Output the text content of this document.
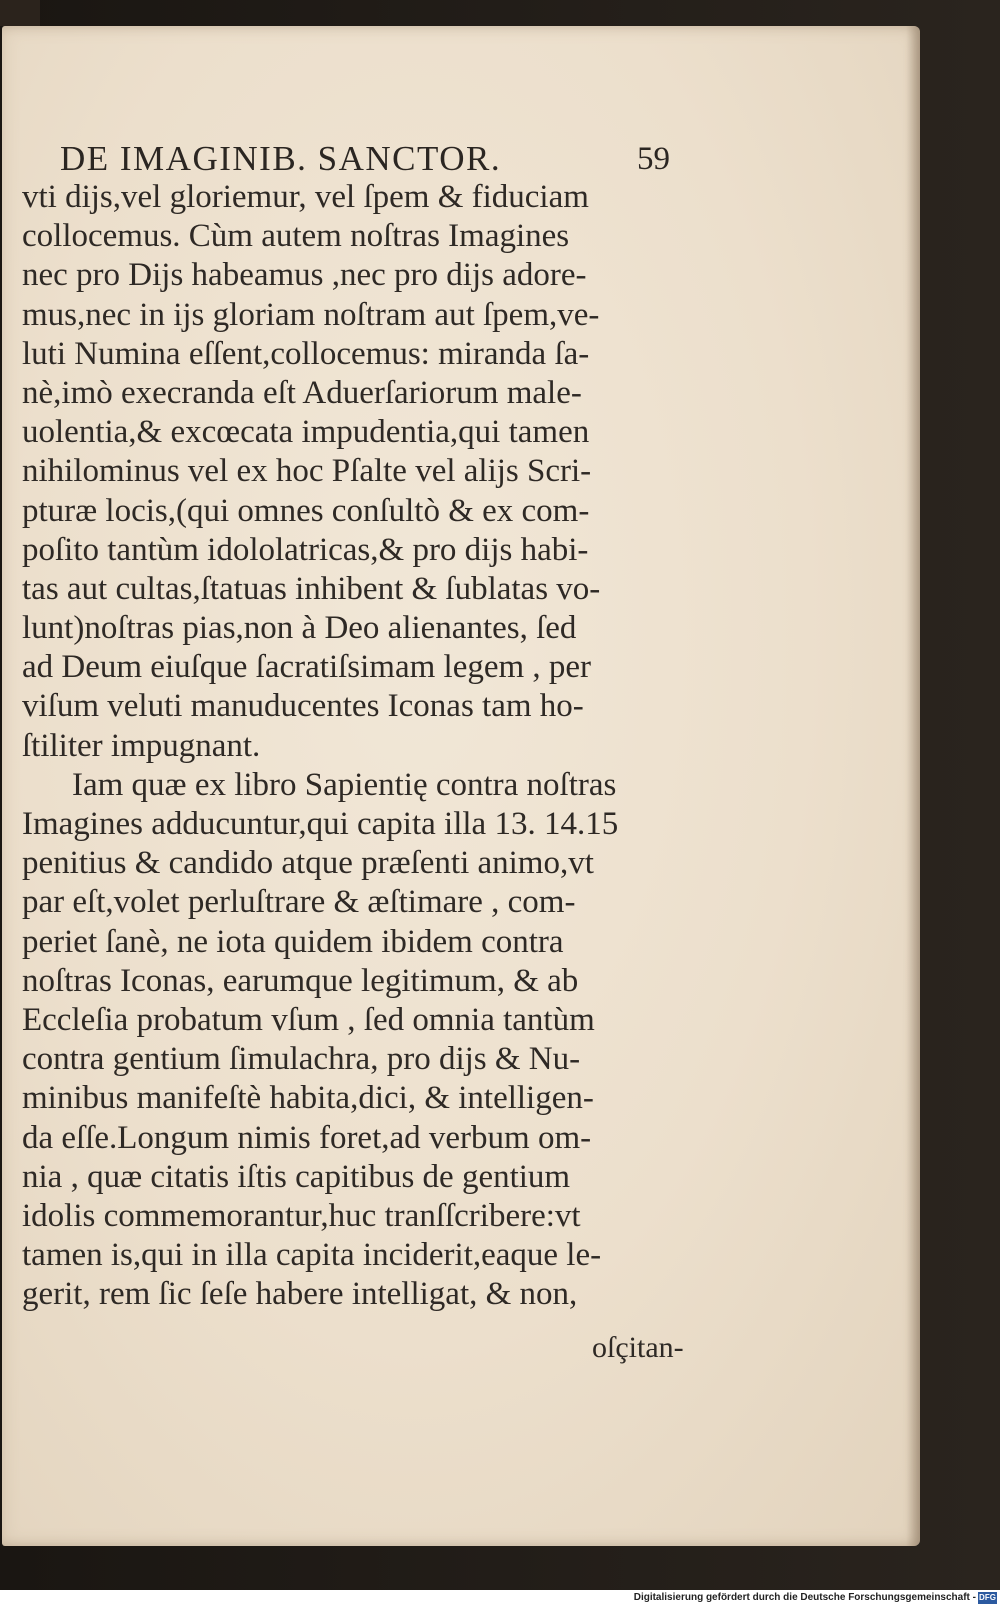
DE IMAGINIB. SANCTOR.	59
vti dijs,vel gloriemur, vel ſpem & fiduciam
collocemus. Cùm autem noſtras Imagines
nec pro Dijs habeamus ,nec pro dijs adore-
mus,nec in ijs gloriam noſtram aut ſpem,ve-
luti Numina eſſent,collocemus: miranda ſa-
nè,imò execranda eſt Aduerſariorum male-
uolentia,& excœcata impudentia,qui tamen
nihilominus vel ex hoc Pſalte vel alijs Scri-
pturæ locis,(qui omnes conſultò & ex com-
poſito tantùm idololatricas,& pro dijs habi-
tas aut cultas,ſtatuas inhibent & ſublatas vo-
lunt)noſtras pias,non à Deo alienantes, ſed
ad Deum eiuſque ſacratiſsimam legem , per
viſum veluti manuducentes Iconas tam ho-
ſtiliter impugnant.
Iam quæ ex libro Sapientię contra noſtras
Imagines adducuntur,qui capita illa 13. 14.15
penitius & candido atque præſenti animo,vt
par eſt,volet perluſtrare & æſtimare , com-
periet ſanè, ne iota quidem ibidem contra
noſtras Iconas, earumque legitimum, & ab
Eccleſia probatum vſum , ſed omnia tantùm
contra gentium ſimulachra, pro dijs & Nu-
minibus manifeſtè habita,dici, & intelligen-
da eſſe.Longum nimis foret,ad verbum om-
nia , quæ citatis iſtis capitibus de gentium
idolis commemorantur,huc tranſſcribere:vt
tamen is,qui in illa capita inciderit,eaque le-
gerit, rem ſic ſeſe habere intelligat, & non,
oſçitan-
Digitalisierung gefördert durch die Deutsche Forschungsgemeinschaft - DFG
